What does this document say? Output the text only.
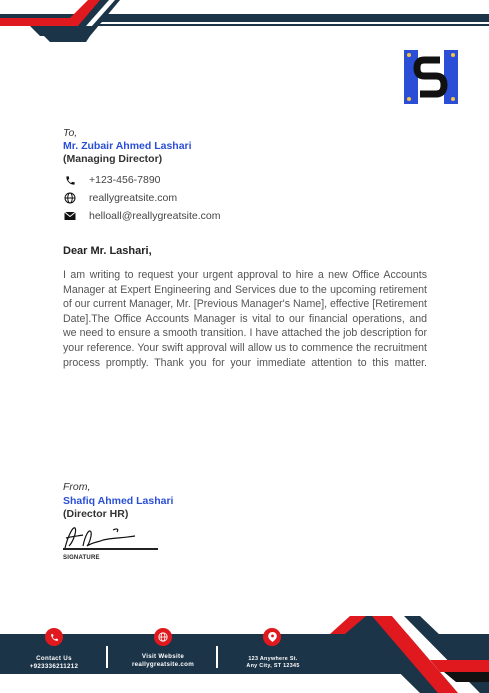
To,
Mr. Zubair Ahmed Lashari
(Managing Director)
+123-456-7890
reallygreatsite.com
helloall@reallygreatsite.com
Dear Mr. Lashari,
I am writing to request your urgent approval to hire a new Office Accounts Manager at Expert Engineering and Services due to the upcoming retirement of our current Manager, Mr. [Previous Manager's Name], effective [Retirement Date].The Office Accounts Manager is vital to our financial operations, and we need to ensure a smooth transition. I have attached the job description for your reference. Your swift approval will allow us to commence the recruitment process promptly. Thank you for your immediate attention to this matter.
From,
Shafiq Ahmed Lashari
(Director HR)
SIGNATURE
Contact Us
+923336211212
Visit Website
reallygreatsite.com
123 Anywhere St.
Any City, ST 12345
